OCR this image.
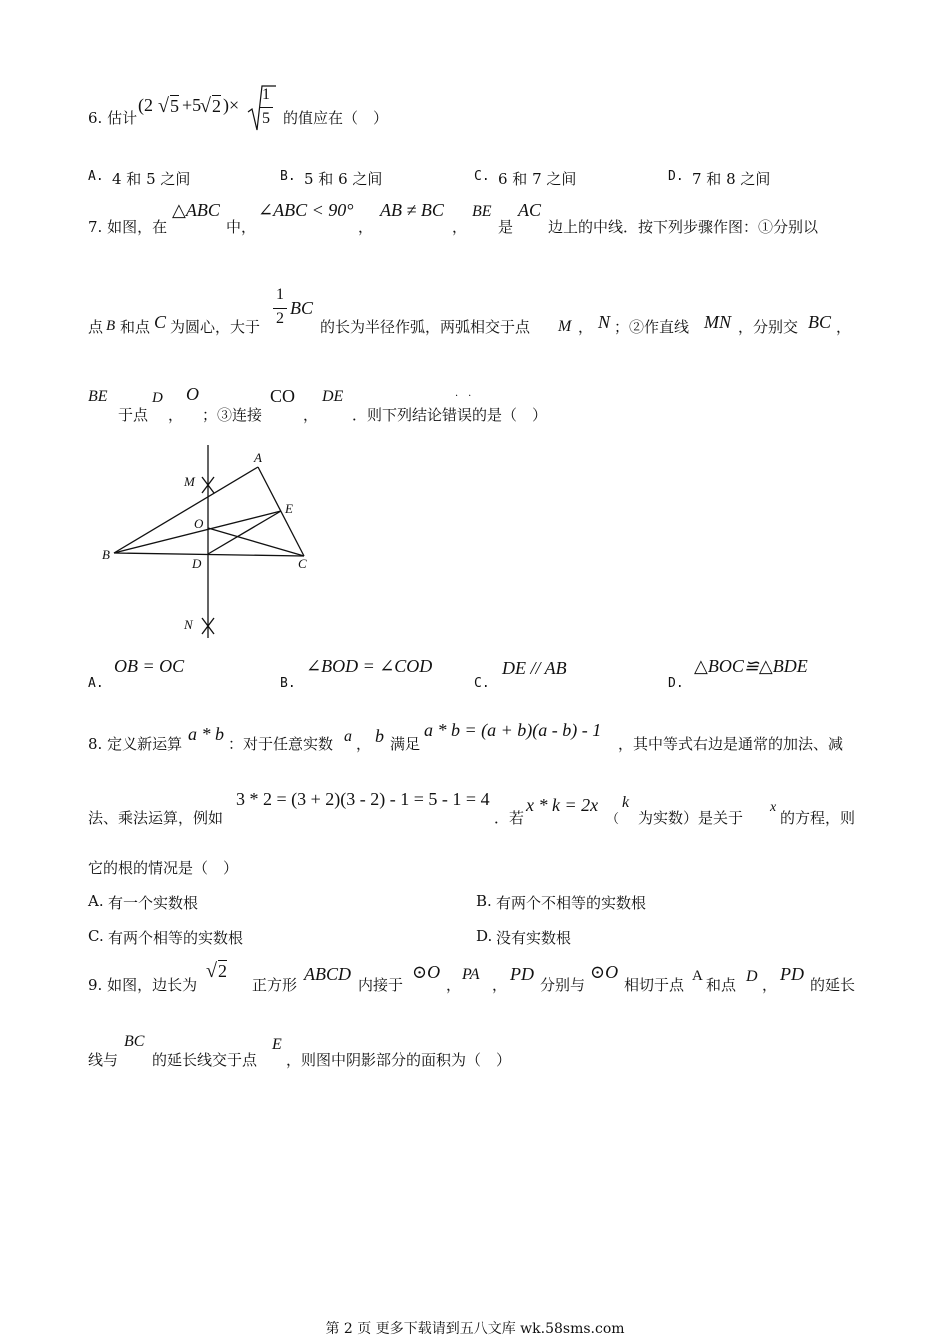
6. 估计
(2 √ 5 +5
√ 2 )×
1
5 的值应在（　）
A. 4 和 5 之间	B. 5 和 6 之间	C. 6 和 7 之间	D. 7 和 8 之间
7. 如图，在
△ABC
中，
∠ABC < 90°
，
AB ≠ BC
，
BE
是
AC
边上的中线．按下列步骤作图：①分别以
点 B 和点 C 为圆心，大于
1
2
BC
的长为半径作弧，两弧相交于点 M ， N ；②作直线 MN ，分别交 BC ，
BE
于点
D
，
O
；③连接
CO
，
DE
．则下列结论错误的是（　）
··
A
M
E
O
B
D	C
N
A.
OB = OC
B.
∠BOD = ∠COD
C.
DE // AB
D.
△BOC≌△BDE
8. 定义新运算 a * b ：对于任意实数 a ， b 满足
a * b = (a + b)(a - b) - 1
，其中等式右边是通常的加法、减
法、乘法运算，例如
3 * 2 = (3 + 2)(3 - 2) - 1 = 5 - 1 = 4
．若
x * k = 2x
（
k
为实数）是关于
x
的方程，则
它的根的情况是（　）
A. 有一个实数根	B. 有两个不相等的实数根
C. 有两个相等的实数根	D. 没有实数根
9. 如图，边长为
√ 2
正方形
ABCD
内接于
⊙O
，
PA
，
PD
分别与
⊙O
相切于点 A 和点 D ，
PD
的延长
线与
BC
的延长线交于点
E
，则图中阴影部分的面积为（　）
第 2 页 更多下载请到五八文库 wk.58sms.com
